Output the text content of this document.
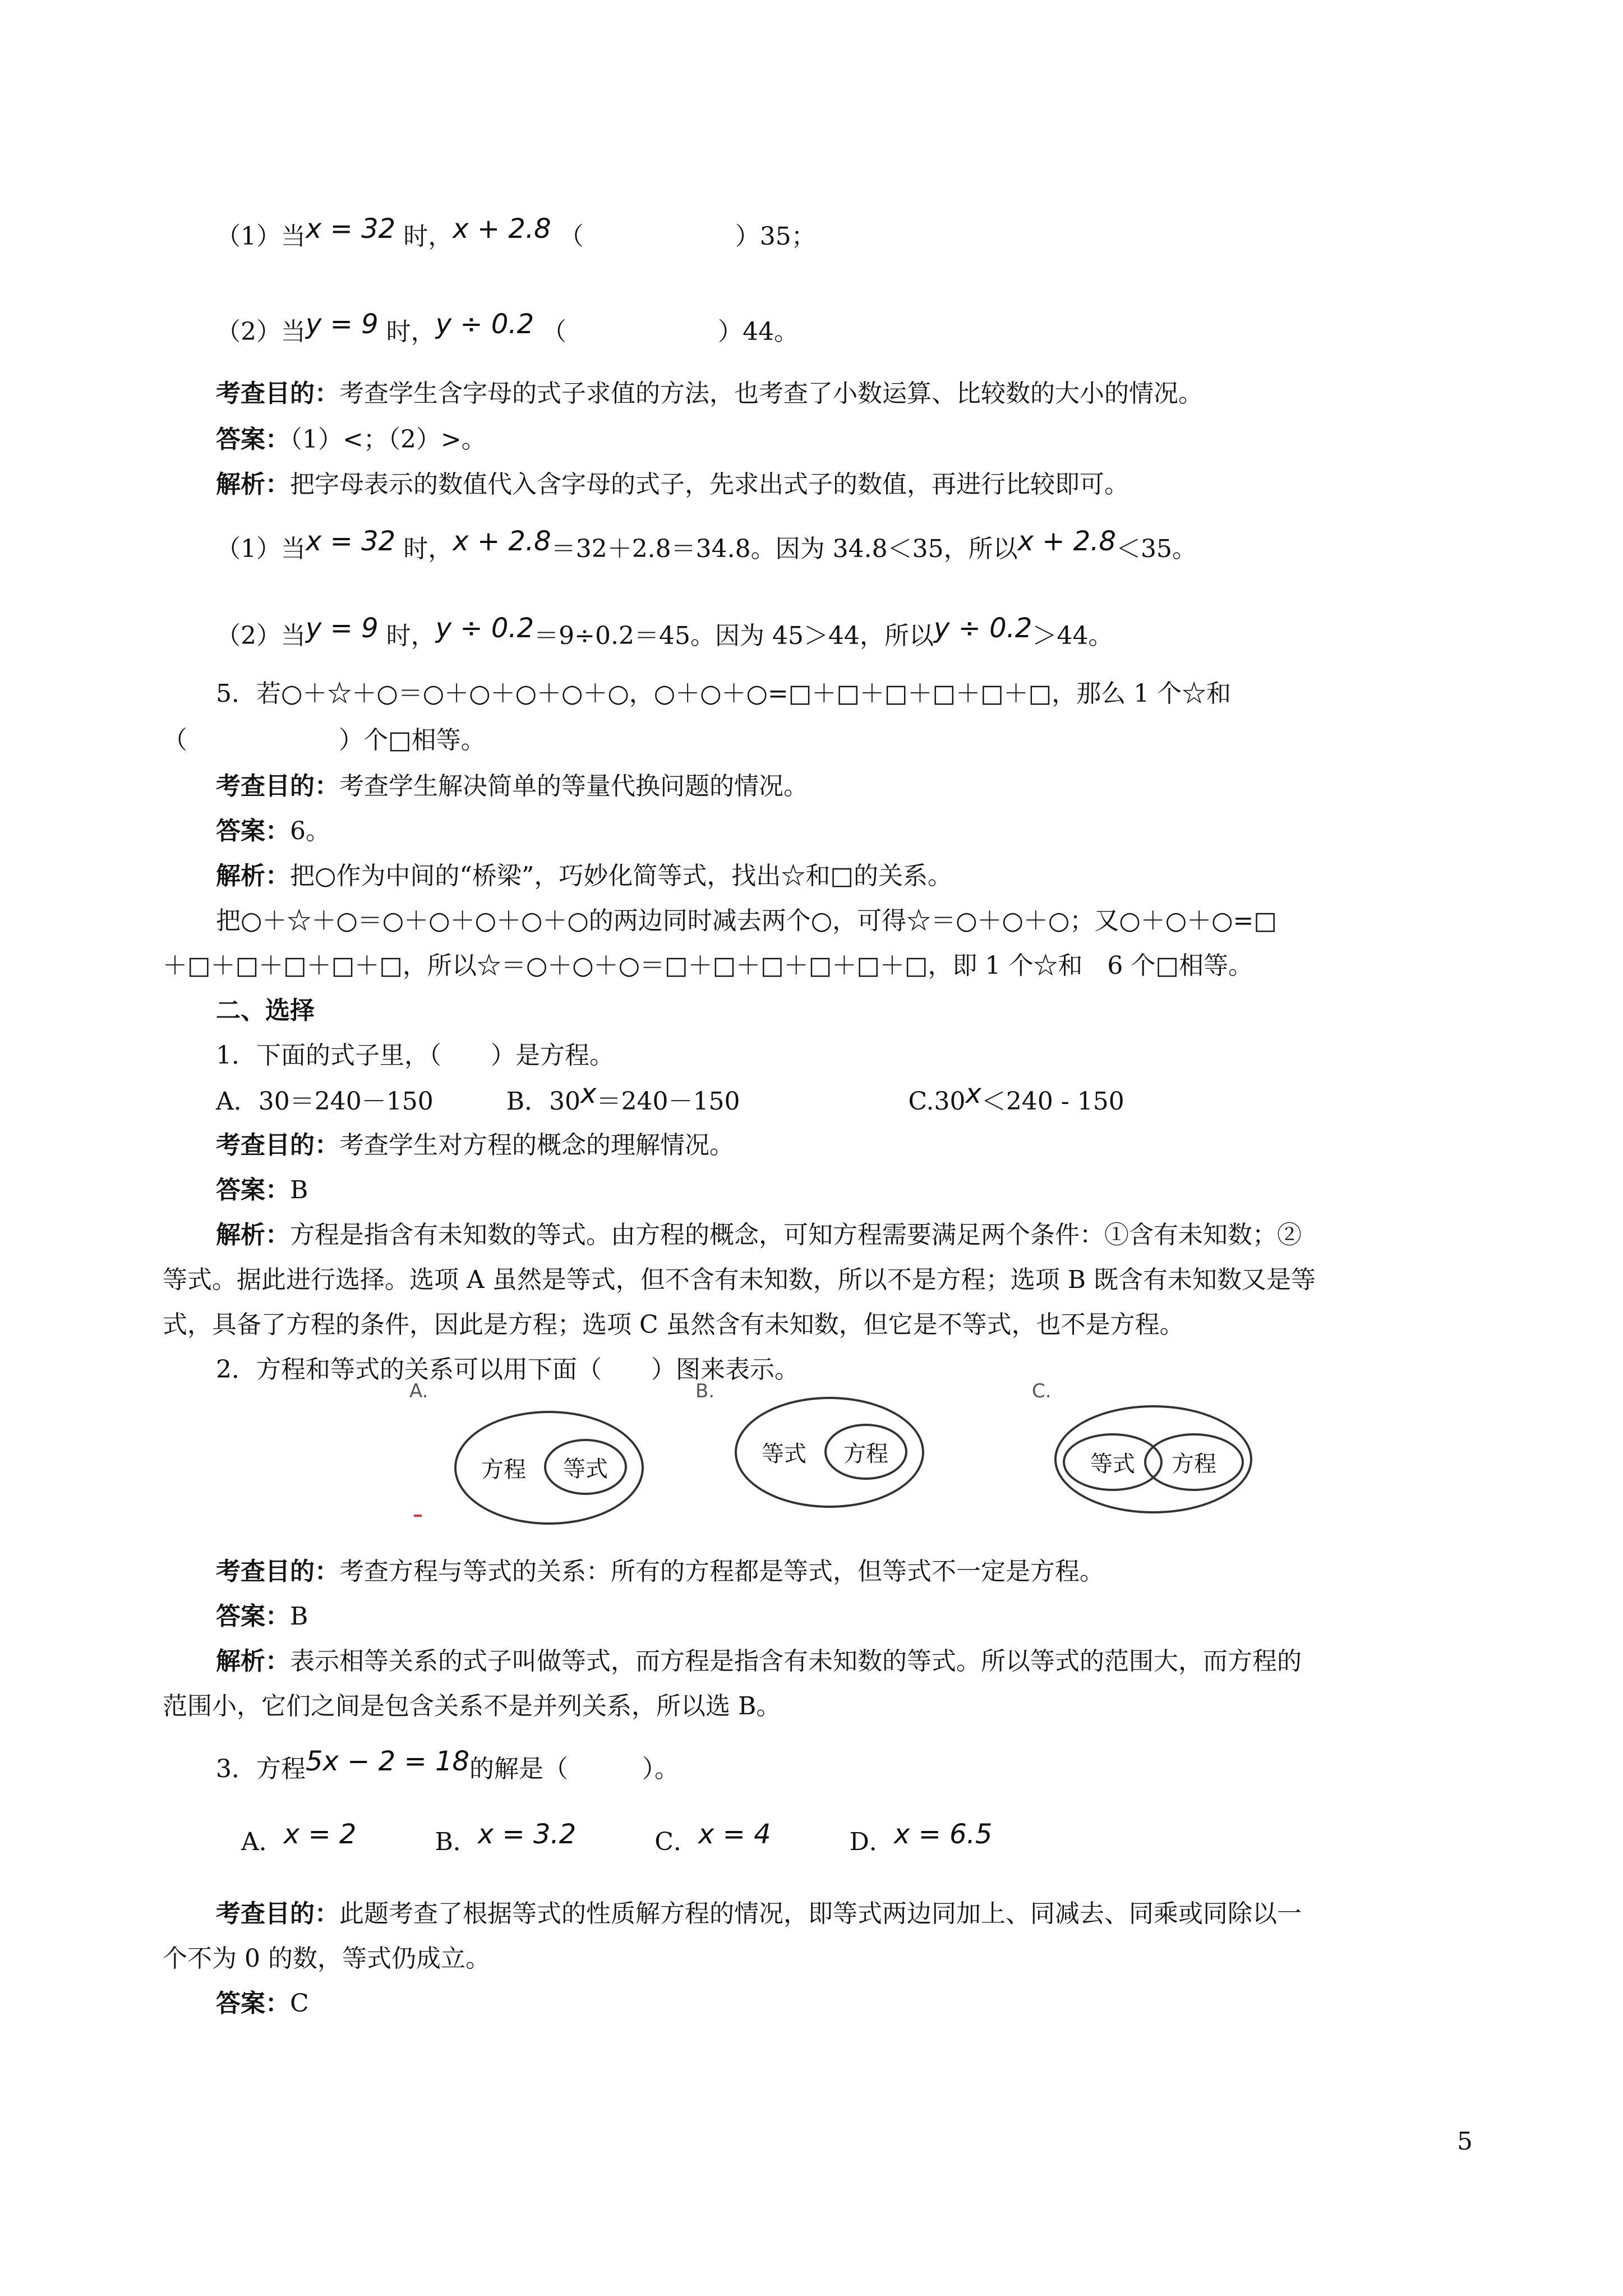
（1）当x = 32 时，x + 2.8 （	）35；
（2）当y = 9 时，y ÷ 0.2 （	）44。
考查目的：考查学生含字母的式子求值的方法，也考查了小数运算、比较数的大小的情况。
答案：（1）<；（2）>。
解析：把字母表示的数值代入含字母的式子，先求出式子的数值，再进行比较即可。
（1）当x = 32 时，x + 2.8＝32＋2.8＝34.8。因为 34.8＜35，所以x + 2.8＜35。
（2）当y = 9 时，y ÷ 0.2＝9÷0.2＝45。因为 45＞44，所以y ÷ 0.2＞44。
5．若○＋☆＋○＝○＋○＋○＋○＋○，○＋○＋○=□＋□＋□＋□＋□＋□，那么 1 个☆和
（	）个□相等。
考查目的：考查学生解决简单的等量代换问题的情况。
答案：6。
解析：把○作为中间的“桥梁”，巧妙化简等式，找出☆和□的关系。
把○＋☆＋○＝○＋○＋○＋○＋○的两边同时减去两个○，可得☆＝○＋○＋○；又○＋○＋○=□
＋□＋□＋□＋□＋□，所以☆＝○＋○＋○＝□＋□＋□＋□＋□＋□，即 1 个☆和　6 个□相等。
二、选择
1．下面的式子里，（　　）是方程。
A．30＝240－150	B．30x＝240－150	C.30x＜240 - 150
考查目的：考查学生对方程的概念的理解情况。
答案：B
解析：方程是指含有未知数的等式。由方程的概念，可知方程需要满足两个条件：①含有未知数；②
等式。据此进行选择。选项 A 虽然是等式，但不含有未知数，所以不是方程；选项 B 既含有未知数又是等
式，具备了方程的条件，因此是方程；选项 C 虽然含有未知数，但它是不等式，也不是方程。
2．方程和等式的关系可以用下面（　　）图来表示。
A.
方程 等式
B.
等式 方程
C.
等式 方程
考查目的：考查方程与等式的关系：所有的方程都是等式，但等式不一定是方程。
答案：B
解析：表示相等关系的式子叫做等式，而方程是指含有未知数的等式。所以等式的范围大，而方程的
范围小，它们之间是包含关系不是并列关系，所以选 B。
3．方程5x − 2 = 18的解是（　　　）。
A．x = 2	B．x = 3.2	C．x = 4	D．x = 6.5
考查目的：此题考查了根据等式的性质解方程的情况，即等式两边同加上、同减去、同乘或同除以一
个不为 0 的数，等式仍成立。
答案：C
5
